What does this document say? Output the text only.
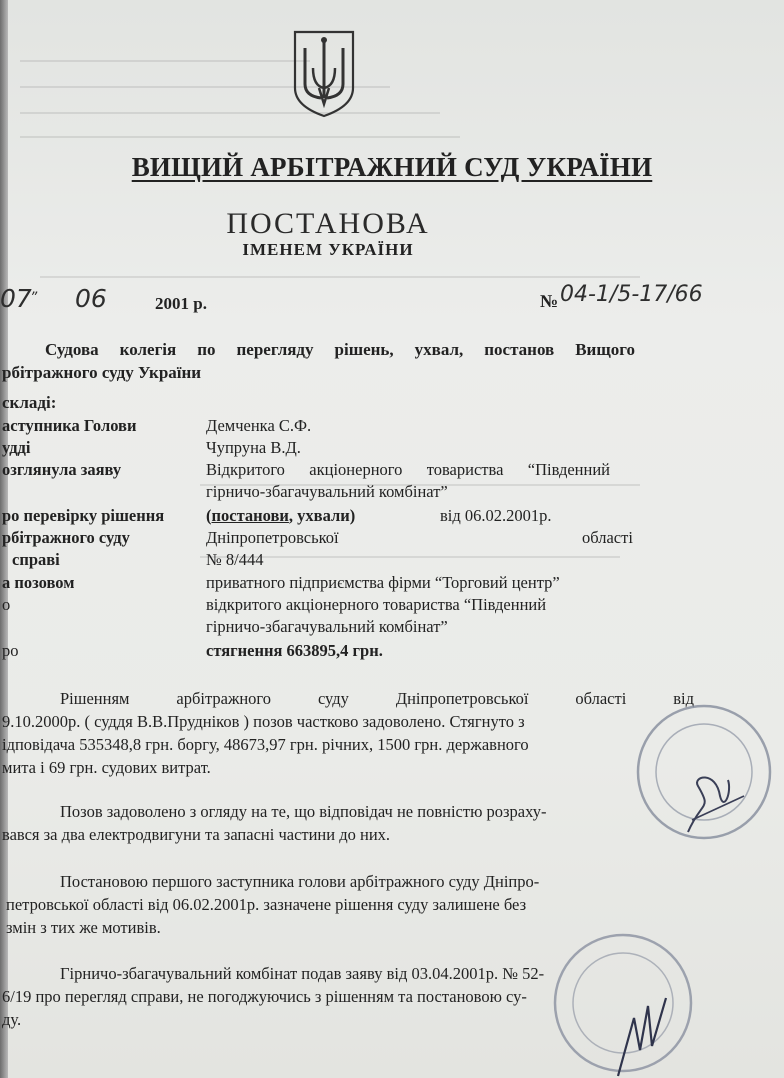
ВИЩИЙ АРБІТРАЖНИЙ СУД УКРАЇНИ
ПОСТАНОВА
ІМЕНЕМ УКРАЇНИ
07
” 06	2001 р.	№ 04-1/5-17/66
Судова колегія по перегляду рішень, ухвал, постанов Вищого
рбітражного суду України
складі:
аступника Голови	Демченка С.Ф.
удді	Чупруна В.Д.
озглянула заяву	Відкритого акціонерного товариства “Південний
гірничо-збагачувальний комбінат”
ро перевірку рішення	(постанови, ухвали)	від 06.02.2001р.
рбітражного суду	Дніпропетровської	області
справі	№ 8/444
а позовом	приватного підприємства фірми “Торговий центр”
о	відкритого акціонерного товариства “Південний
гірничо-збагачувальний комбінат”
ро	стягнення 663895,4 грн.
Рішенням арбітражного суду Дніпропетровської області від
9.10.2000р. ( суддя В.В.Прудніков ) позов частково задоволено. Стягнуто з
ідповідача 535348,8 грн. боргу, 48673,97 грн. річних, 1500 грн. державного
мита і 69 грн. судових витрат.
Позов задоволено з огляду на те, що відповідач не повністю розраху-
вався за два електродвигуни та запасні частини до них.
Постановою першого заступника голови арбітражного суду Дніпро-
петровської області від 06.02.2001р. зазначене рішення суду залишене без
змін з тих же мотивів.
Гірничо-збагачувальний комбінат подав заяву від 03.04.2001р. № 52-
6/19 про перегляд справи, не погоджуючись з рішенням та постановою су-
ду.
